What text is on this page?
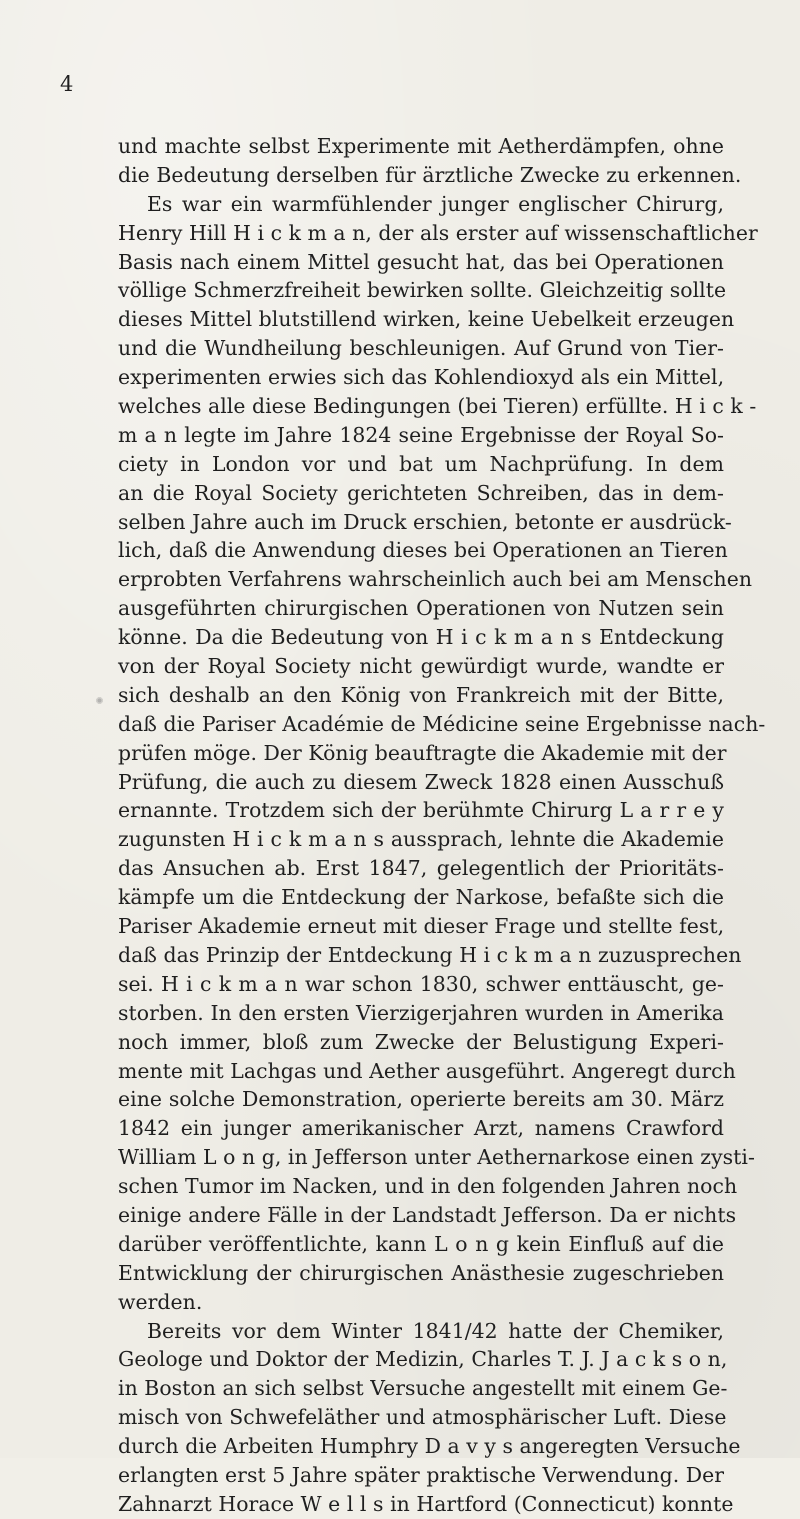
4
und machte selbst Experimente mit Aetherdämpfen, ohne
die Bedeutung derselben für ärztliche Zwecke zu erkennen.
Es war ein warmfühlender junger englischer Chirurg,
Henry Hill H i c k m a n, der als erster auf wissenschaftlicher
Basis nach einem Mittel gesucht hat, das bei Operationen
völlige Schmerzfreiheit bewirken sollte. Gleichzeitig sollte
dieses Mittel blutstillend wirken, keine Uebelkeit erzeugen
und die Wundheilung beschleunigen. Auf Grund von Tier-
experimenten erwies sich das Kohlendioxyd als ein Mittel,
welches alle diese Bedingungen (bei Tieren) erfüllte. H i c k -
m a n legte im Jahre 1824 seine Ergebnisse der Royal So-
ciety in London vor und bat um Nachprüfung. In dem
an die Royal Society gerichteten Schreiben, das in dem-
selben Jahre auch im Druck erschien, betonte er ausdrück-
lich, daß die Anwendung dieses bei Operationen an Tieren
erprobten Verfahrens wahrscheinlich auch bei am Menschen
ausgeführten chirurgischen Operationen von Nutzen sein
könne. Da die Bedeutung von H i c k m a n s Entdeckung
von der Royal Society nicht gewürdigt wurde, wandte er
sich deshalb an den König von Frankreich mit der Bitte,
daß die Pariser Académie de Médicine seine Ergebnisse nach-
prüfen möge. Der König beauftragte die Akademie mit der
Prüfung, die auch zu diesem Zweck 1828 einen Ausschuß
ernannte. Trotzdem sich der berühmte Chirurg L a r r e y
zugunsten H i c k m a n s aussprach, lehnte die Akademie
das Ansuchen ab. Erst 1847, gelegentlich der Prioritäts-
kämpfe um die Entdeckung der Narkose, befaßte sich die
Pariser Akademie erneut mit dieser Frage und stellte fest,
daß das Prinzip der Entdeckung H i c k m a n zuzusprechen
sei. H i c k m a n war schon 1830, schwer enttäuscht, ge-
storben. In den ersten Vierzigerjahren wurden in Amerika
noch immer, bloß zum Zwecke der Belustigung Experi-
mente mit Lachgas und Aether ausgeführt. Angeregt durch
eine solche Demonstration, operierte bereits am 30. März
1842 ein junger amerikanischer Arzt, namens Crawford
William L o n g, in Jefferson unter Aethernarkose einen zysti-
schen Tumor im Nacken, und in den folgenden Jahren noch
einige andere Fälle in der Landstadt Jefferson. Da er nichts
darüber veröffentlichte, kann L o n g kein Einfluß auf die
Entwicklung der chirurgischen Anästhesie zugeschrieben
werden.
Bereits vor dem Winter 1841/42 hatte der Chemiker,
Geologe und Doktor der Medizin, Charles T. J. J a c k s o n,
in Boston an sich selbst Versuche angestellt mit einem Ge-
misch von Schwefeläther und atmosphärischer Luft. Diese
durch die Arbeiten Humphry D a v y s angeregten Versuche
erlangten erst 5 Jahre später praktische Verwendung. Der
Zahnarzt Horace W e l l s in Hartford (Connecticut) konnte
